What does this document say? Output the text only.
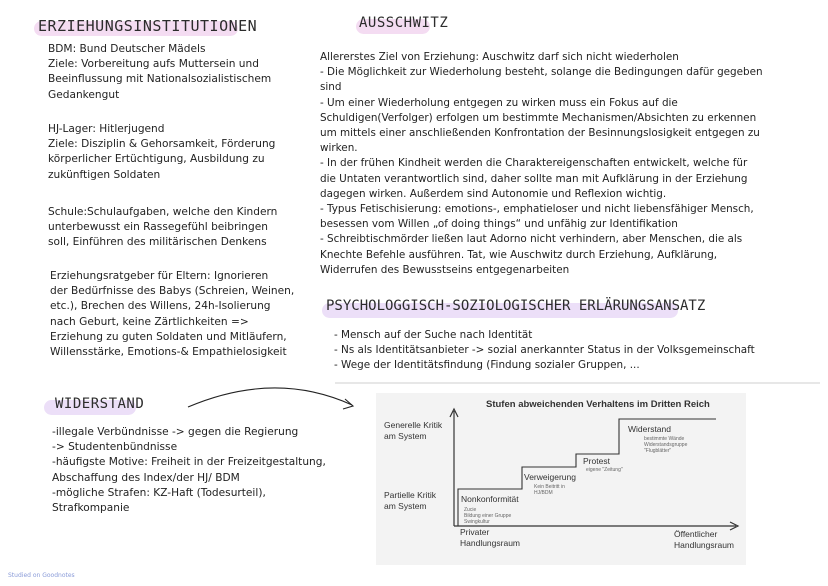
ERZIEHUNGSINSTITUTIONEN	AUSSCHWITZ
PSYCHOLOGGISCH-SOZIOLOGISCHER ERLÄRUNGSANSATZ
WIDERSTAND
BDM: Bund Deutscher Mädels
Ziele: Vorbereitung aufs Muttersein und
Beeinflussung mit Nationalsozialistischem
Gedankengut
HJ-Lager: Hitlerjugend
Ziele: Disziplin & Gehorsamkeit, Förderung
körperlicher Ertüchtigung, Ausbildung zu
zukünftigen Soldaten
Schule:Schulaufgaben, welche den Kindern
unterbewusst ein Rassegefühl beibringen
soll, Einführen des militärischen Denkens
Erziehungsratgeber für Eltern: Ignorieren
der Bedürfnisse des Babys (Schreien, Weinen,
etc.), Brechen des Willens, 24h-Isolierung
nach Geburt, keine Zärtlichkeiten =>
Erziehung zu guten Soldaten und Mitläufern,
Willensstärke, Emotions-& Empathielosigkeit
Allererstes Ziel von Erziehung: Auschwitz darf sich nicht wiederholen
- Die Möglichkeit zur Wiederholung besteht, solange die Bedingungen dafür gegeben
sind
- Um einer Wiederholung entgegen zu wirken muss ein Fokus auf die
Schuldigen(Verfolger) erfolgen um bestimmte Mechanismen/Absichten zu erkennen
um mittels einer anschließenden Konfrontation der Besinnungslosigkeit entgegen zu
wirken.
- In der frühen Kindheit werden die Charaktereigenschaften entwickelt, welche für
die Untaten verantwortlich sind, daher sollte man mit Aufklärung in der Erziehung
dagegen wirken. Außerdem sind Autonomie und Reflexion wichtig.
- Typus Fetischisierung: emotions-, emphatieloser und nicht liebensfähiger Mensch,
besessen vom Willen „of doing things“ und unfähig zur Identifikation
- Schreibtischmörder ließen laut Adorno nicht verhindern, aber Menschen, die als
Knechte Befehle ausführen. Tat, wie Auschwitz durch Erziehung, Aufklärung,
Widerrufen des Bewusstseins entgegenarbeiten
- Mensch auf der Suche nach Identität
- Ns als Identitätsanbieter -> sozial anerkannter Status in der Volksgemeinschaft
- Wege der Identitätsfindung (Findung sozialer Gruppen, ...
-illegale Verbündnisse -> gegen die Regierung
-> Studentenbündnisse
-häufigste Motive: Freiheit in der Freizeitgestaltung,
Abschaffung des Index/der HJ/ BDM
-mögliche Strafen: KZ-Haft (Todesurteil),
Strafkompanie
Stufen abweichenden Verhaltens im Dritten Reich
Generelle Kritik
am System
Partielle Kritik
am System
Privater
Handlungsraum
Öffentlicher
Handlungsraum
Nonkonformität
Zucie
Bildung einer Gruppe
Swingkultur
Verweigerung
Kein Beitritt in
HJ/BDM
Protest
eigene "Zeitung"
Widerstand
bestimmte Wände
Widerstandsgruppe
"Flugblätter"
Studied on Goodnotes
